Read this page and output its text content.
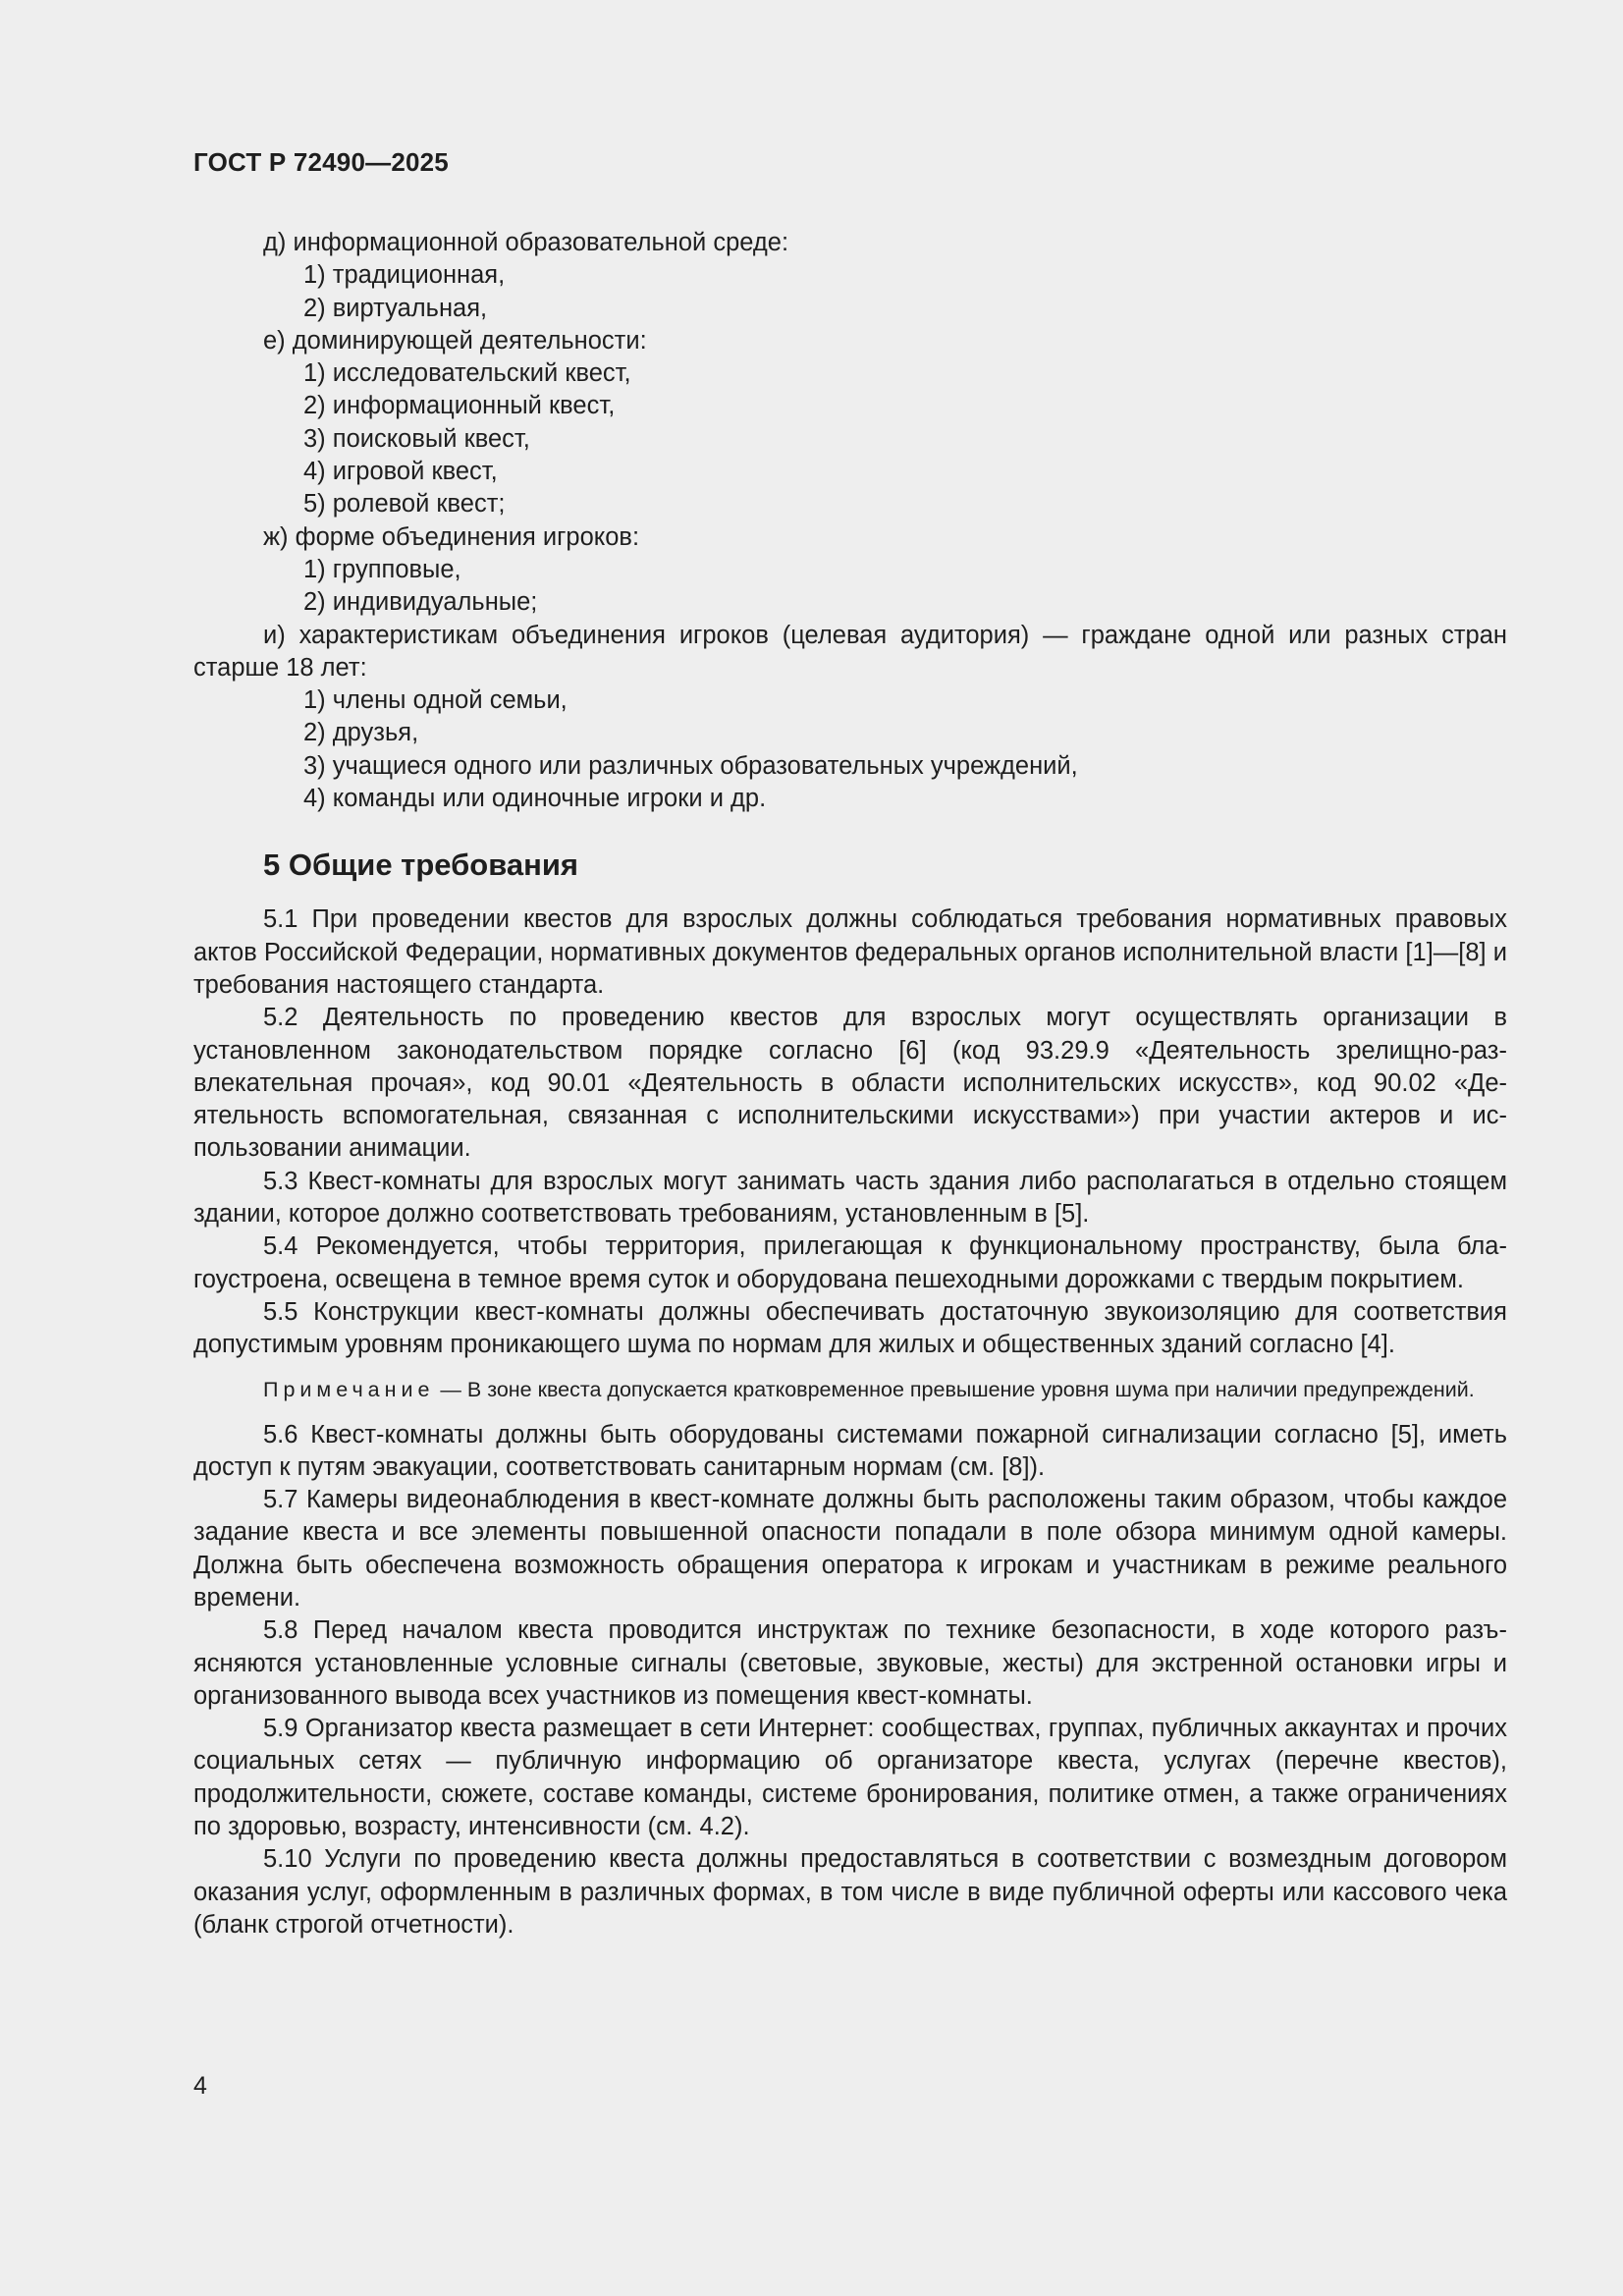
ГОСТ Р 72490—2025
д) информационной образовательной среде:
1) традиционная,
2) виртуальная,
е) доминирующей деятельности:
1) исследовательский квест,
2) информационный квест,
3) поисковый квест,
4) игровой квест,
5) ролевой квест;
ж) форме объединения игроков:
1) групповые,
2) индивидуальные;

и) характеристикам объединения игроков (целевая аудитория) — граждане одной или разных стран старше 18 лет:

1) члены одной семьи,
2) друзья,
3) учащиеся одного или различных образовательных учреждений,
4) команды или одиночные игроки и др.
5 Общие требования

5.1 При проведении квестов для взрослых должны соблюдаться требования нормативных правовых актов Российской Федерации, нормативных документов федеральных органов исполнительной власти [1]—[8] и требования настоящего стандарта.

5.2 Деятельность по проведению квестов для взрослых могут осуществлять организации в установленном законодательством порядке согласно [6] (код 93.29.9 «Деятельность зрелищно-развлекательная прочая», код 90.01 «Деятельность в области исполнительских искусств», код 90.02 «Деятельность вспомогательная, связанная с исполнительскими искусствами») при участии актеров и использовании анимации.

5.3 Квест-комнаты для взрослых могут занимать часть здания либо располагаться в отдельно стоящем здании, которое должно соответствовать требованиям, установленным в [5].

5.4 Рекомендуется, чтобы территория, прилегающая к функциональному пространству, была благоустроена, освещена в темное время суток и оборудована пешеходными дорожками с твердым покрытием.

5.5 Конструкции квест-комнаты должны обеспечивать достаточную звукоизоляцию для соответствия допустимым уровням проникающего шума по нормам для жилых и общественных зданий согласно [4].

Примечание — В зоне квеста допускается кратковременное превышение уровня шума при наличии предупреждений.

5.6 Квест-комнаты должны быть оборудованы системами пожарной сигнализации согласно [5], иметь доступ к путям эвакуации, соответствовать санитарным нормам (см. [8]).

5.7 Камеры видеонаблюдения в квест-комнате должны быть расположены таким образом, чтобы каждое задание квеста и все элементы повышенной опасности попадали в поле обзора минимум одной камеры. Должна быть обеспечена возможность обращения оператора к игрокам и участникам в режиме реального времени.

5.8 Перед началом квеста проводится инструктаж по технике безопасности, в ходе которого разъясняются установленные условные сигналы (световые, звуковые, жесты) для экстренной остановки игры и организованного вывода всех участников из помещения квест-комнаты.

5.9 Организатор квеста размещает в сети Интернет: сообществах, группах, публичных аккаунтах и прочих социальных сетях — публичную информацию об организаторе квеста, услугах (перечне квестов), продолжительности, сюжете, составе команды, системе бронирования, политике отмен, а также ограничениях по здоровью, возрасту, интенсивности (см. 4.2).

5.10 Услуги по проведению квеста должны предоставляться в соответствии с возмездным договором оказания услуг, оформленным в различных формах, в том числе в виде публичной оферты или кассового чека (бланк строгой отчетности).

4
